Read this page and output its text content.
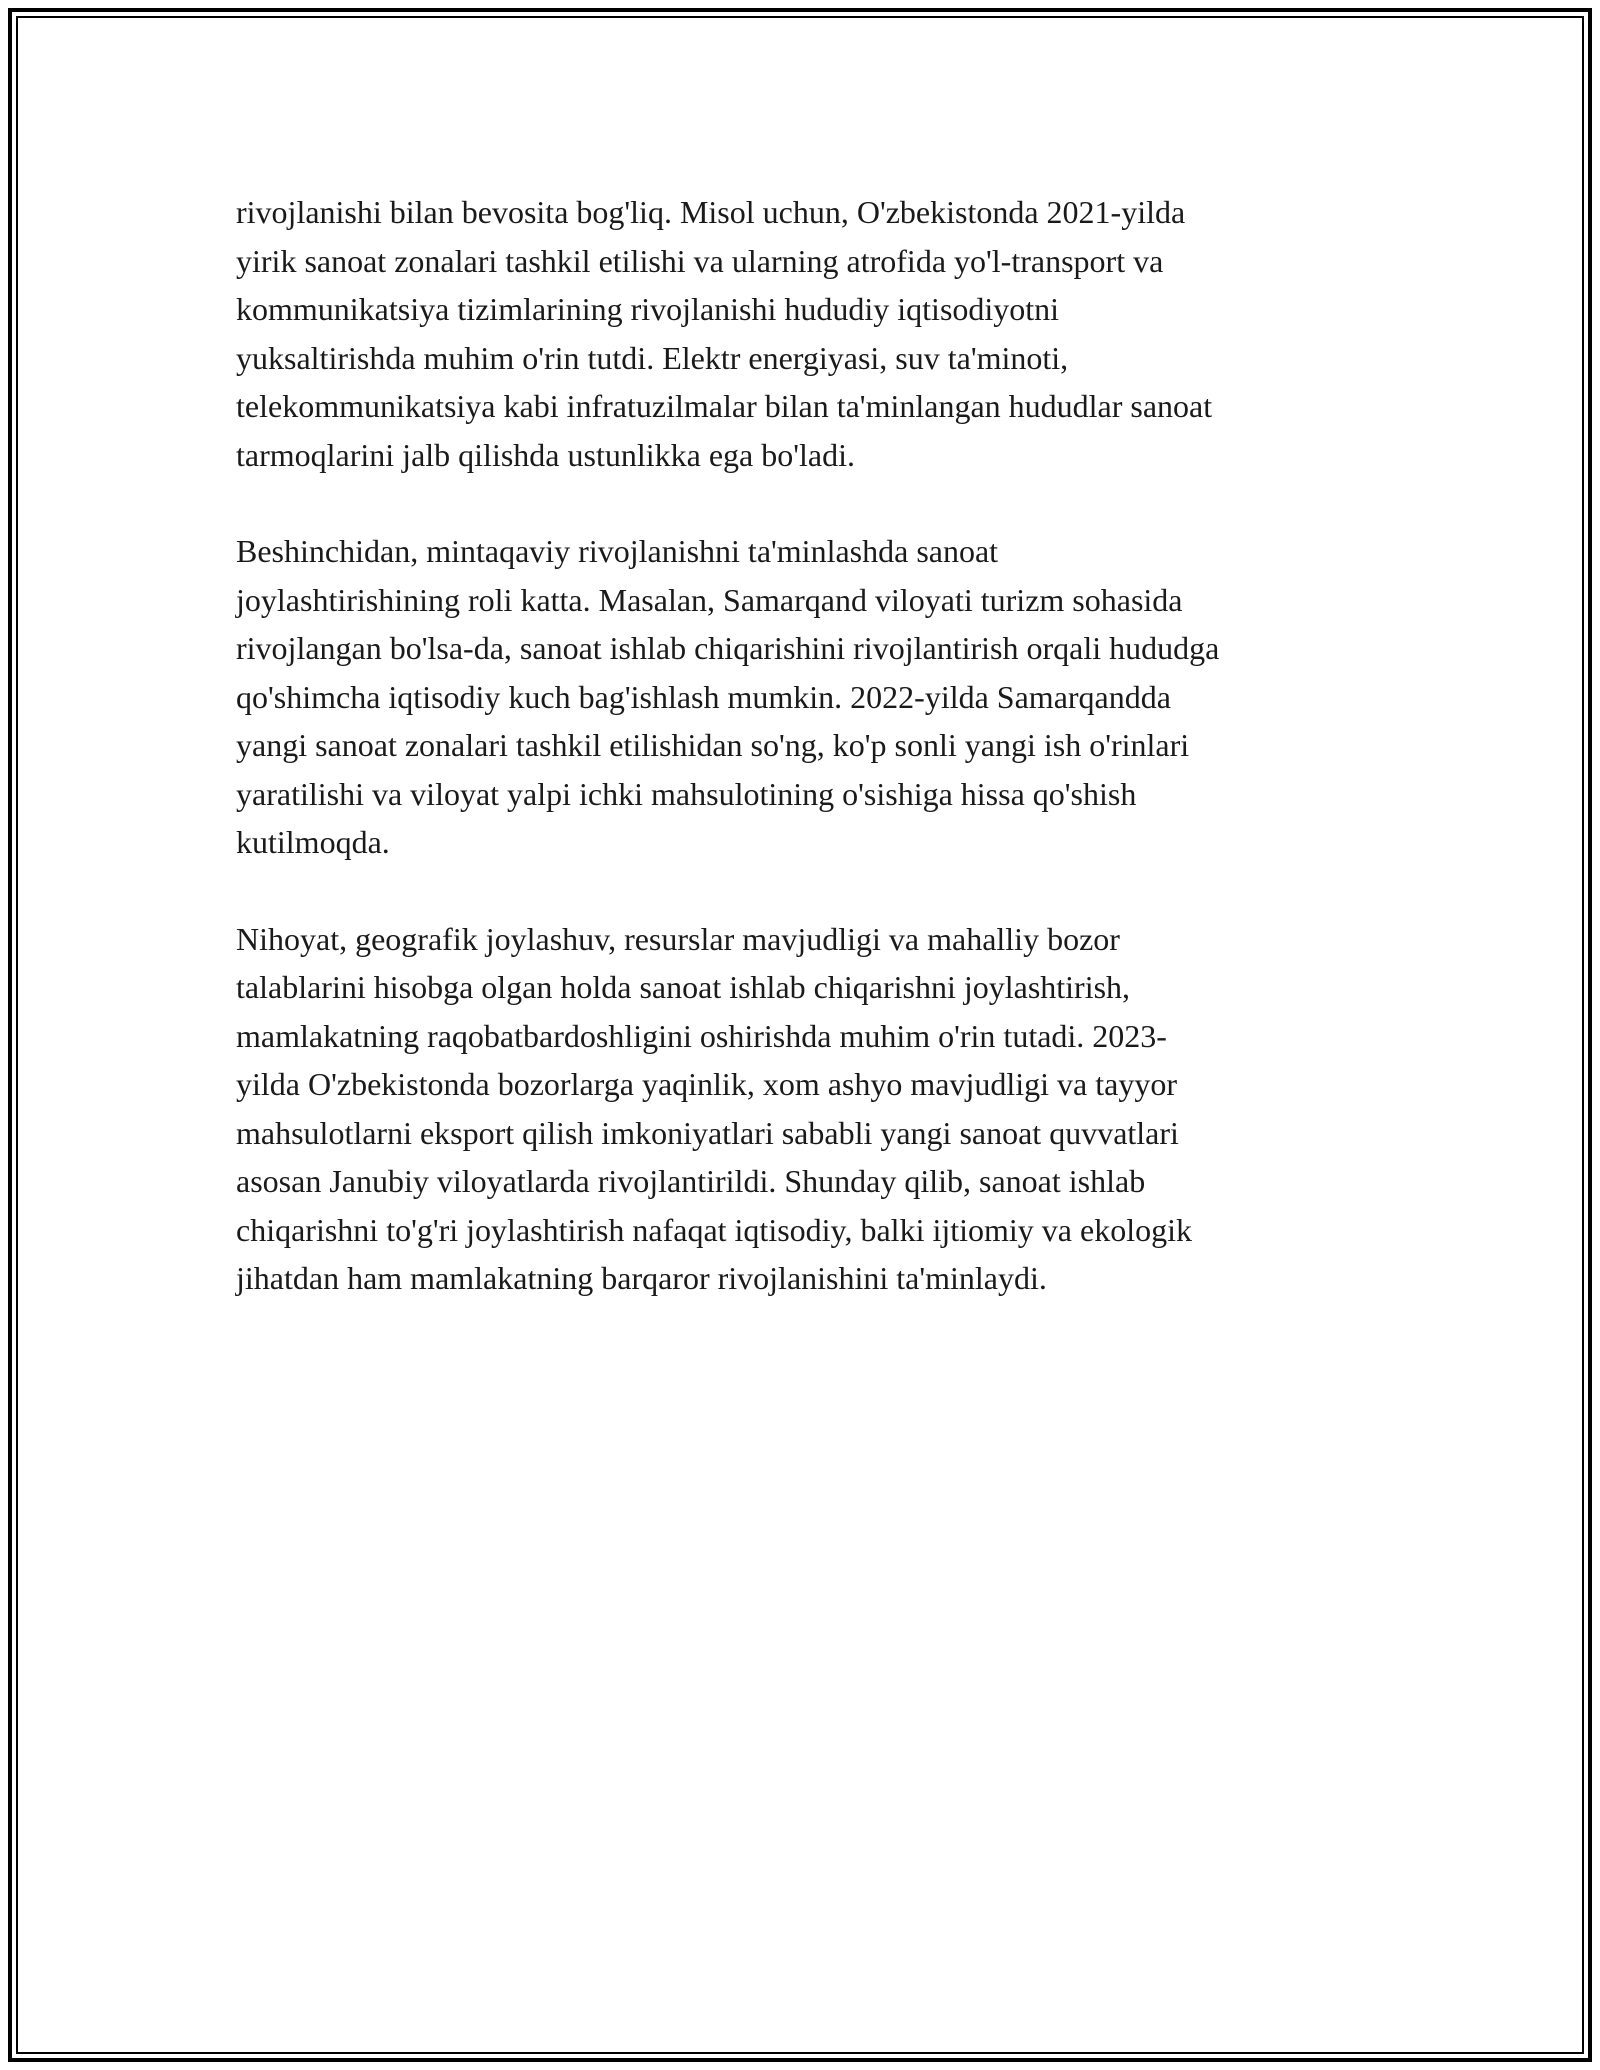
rivojlanishi bilan bevosita bog'liq. Misol uchun, O'zbekistonda 2021-yilda
yirik sanoat zonalari tashkil etilishi va ularning atrofida yo'l-transport va
kommunikatsiya tizimlarining rivojlanishi hududiy iqtisodiyotni
yuksaltirishda muhim o'rin tutdi. Elektr energiyasi, suv ta'minoti,
telekommunikatsiya kabi infratuzilmalar bilan ta'minlangan hududlar sanoat
tarmoqlarini jalb qilishda ustunlikka ega bo'ladi.

Beshinchidan, mintaqaviy rivojlanishni ta'minlashda sanoat
joylashtirishining roli katta. Masalan, Samarqand viloyati turizm sohasida
rivojlangan bo'lsa-da, sanoat ishlab chiqarishini rivojlantirish orqali hududga
qo'shimcha iqtisodiy kuch bag'ishlash mumkin. 2022-yilda Samarqandda
yangi sanoat zonalari tashkil etilishidan so'ng, ko'p sonli yangi ish o'rinlari
yaratilishi va viloyat yalpi ichki mahsulotining o'sishiga hissa qo'shish
kutilmoqda.

Nihoyat, geografik joylashuv, resurslar mavjudligi va mahalliy bozor
talablarini hisobga olgan holda sanoat ishlab chiqarishni joylashtirish,
mamlakatning raqobatbardoshligini oshirishda muhim o'rin tutadi. 2023-
yilda O'zbekistonda bozorlarga yaqinlik, xom ashyo mavjudligi va tayyor
mahsulotlarni eksport qilish imkoniyatlari sababli yangi sanoat quvvatlari
asosan Janubiy viloyatlarda rivojlantirildi. Shunday qilib, sanoat ishlab
chiqarishni to'g'ri joylashtirish nafaqat iqtisodiy, balki ijtiomiy va ekologik
jihatdan ham mamlakatning barqaror rivojlanishini ta'minlaydi.
